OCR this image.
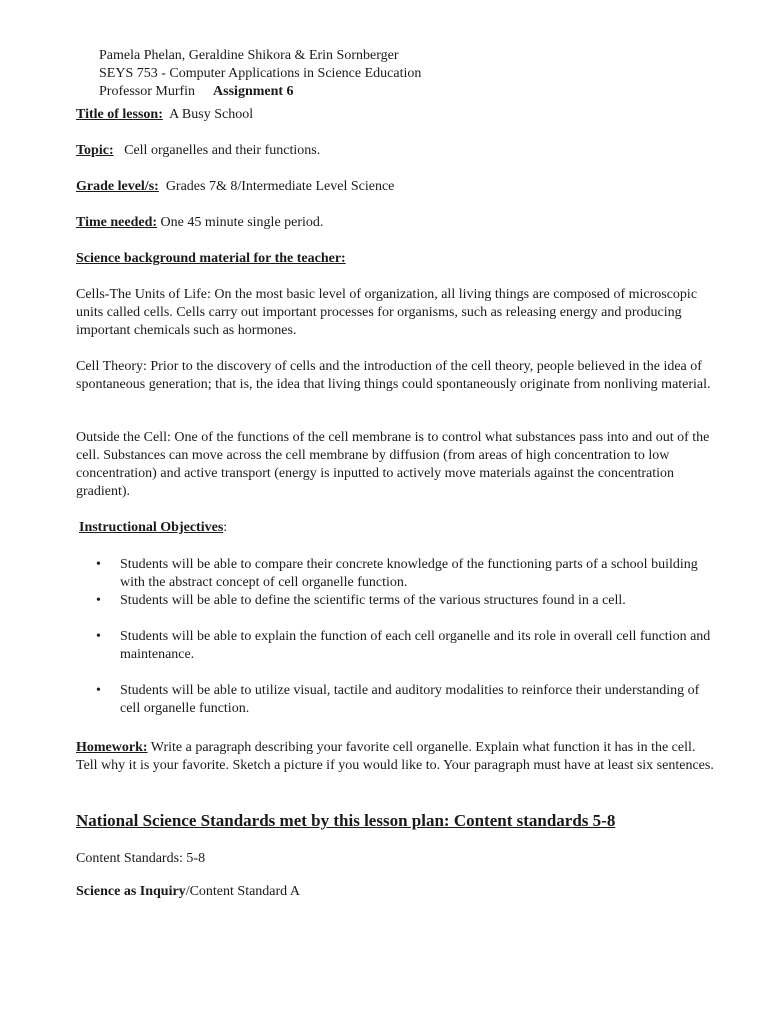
Pamela Phelan, Geraldine Shikora & Erin Sornberger
SEYS 753 - Computer Applications in Science Education
Professor Murfin Assignment 6

Title of lesson: A Busy School

Topic: Cell organelles and their functions.

Grade level/s: Grades 7& 8/Intermediate Level Science

Time needed: One 45 minute single period.

Science background material for the teacher:

Cells-The Units of Life: On the most basic level of organization, all living things are composed of microscopic units called cells. Cells carry out important processes for organisms, such as releasing energy and producing important chemicals such as hormones.

Cell Theory: Prior to the discovery of cells and the introduction of the cell theory, people believed in the idea of spontaneous generation; that is, the idea that living things could spontaneously originate from nonliving material.

Outside the Cell: One of the functions of the cell membrane is to control what substances pass into and out of the cell. Substances can move across the cell membrane by diffusion (from areas of high concentration to low concentration) and active transport (energy is inputted to actively move materials against the concentration gradient).

Instructional Objectives:

• Students will be able to compare their concrete knowledge of the functioning parts of a school building with the abstract concept of cell organelle function.
• Students will be able to define the scientific terms of the various structures found in a cell.
• Students will be able to explain the function of each cell organelle and its role in overall cell function and maintenance.
• Students will be able to utilize visual, tactile and auditory modalities to reinforce their understanding of cell organelle function.

Homework: Write a paragraph describing your favorite cell organelle. Explain what function it has in the cell. Tell why it is your favorite. Sketch a picture if you would like to. Your paragraph must have at least six sentences.

National Science Standards met by this lesson plan: Content standards 5-8

Content Standards: 5-8

Science as Inquiry/Content Standard A
